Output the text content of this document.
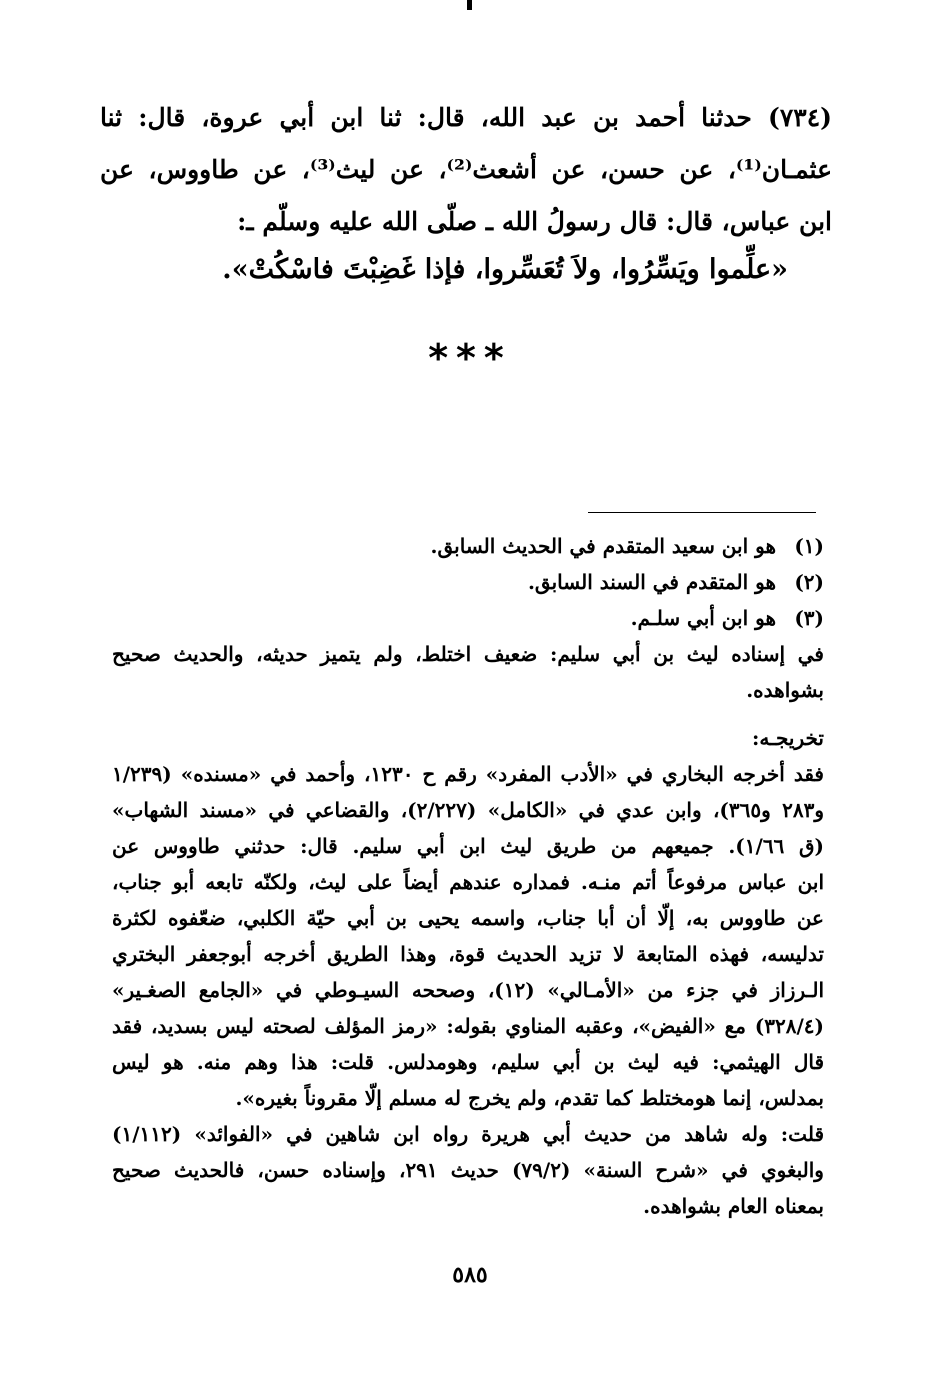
(٧٣٤) حدثنا أحمد بن عبد الله، قال: ثنا ابن أبي عروة، قال: ثنا

عثمـان⁽¹⁾، عن حسن، عن أشعث⁽²⁾، عن ليث⁽³⁾، عن طاووس، عن

ابن عباس، قال: قال رسولُ الله ـ صلّى الله عليه وسلّم ـ:

«علِّموا ويَسِّرُوا، ولاَ تُعَسِّروا، فإذا غَضِبْتَ فاسْكُتْ».
***
(١)
هو ابن سعيد المتقدم في الحديث السابق.
(٢)
هو المتقدم في السند السابق.
(٣)
هو ابن أبي سلـم.

في إسناده ليث بن أبي سليم: ضعيف اختلط، ولم يتميز حديثه، والحديث صحيح بشواهده.

تخريجـه:

فقد أخرجه البخاري في «الأدب المفرد» رقم ح ١٢٣٠، وأحمد في «مسنده» (١/٢٣٩

و٢٨٣ و٣٦٥)، وابن عدي في «الكامل» (٢/٢٢٧)، والقضاعي في «مسند الشهاب»

(ق ١/٦٦). جميعهم من طريق ليث ابن أبي سليم. قال: حدثني طاووس عن

ابن عباس مرفوعاً أتم منـه. فمداره عندهم أيضاً على ليث، ولكنّه تابعه أبو جناب،

عن طاووس به، إلّا أن أبا جناب، واسمه يحيى بن أبي حيّة الكلبي، ضعّفوه لكثرة

تدليسه، فهذه المتابعة لا تزيد الحديث قوة، وهذا الطريق أخرجه أبوجعفر البختري

الـرزاز في جزء من «الأمـالي» (١٢)، وصححه السيـوطي في «الجامع الصغـير»

(٣٢٨/٤) مع «الفيض»، وعقبه المناوي بقوله: «رمز المؤلف لصحته ليس بسديد، فقد

قال الهيثمي: فيه ليث بن أبي سليم، وهومدلس. قلت: هذا وهم منه. هو ليس

بمدلس، إنما هومختلط كما تقدم، ولم يخرج له مسلم إلّا مقروناً بغيره».

قلت: وله شاهد من حديث أبي هريرة رواه ابن شاهين في «الفوائد» (١/١١٢)

والبغوي في «شرح السنة» (٧٩/٢) حديث ٢٩١، وإسناده حسن، فالحديث صحيح

بمعناه العام بشواهده.

٥٨٥
